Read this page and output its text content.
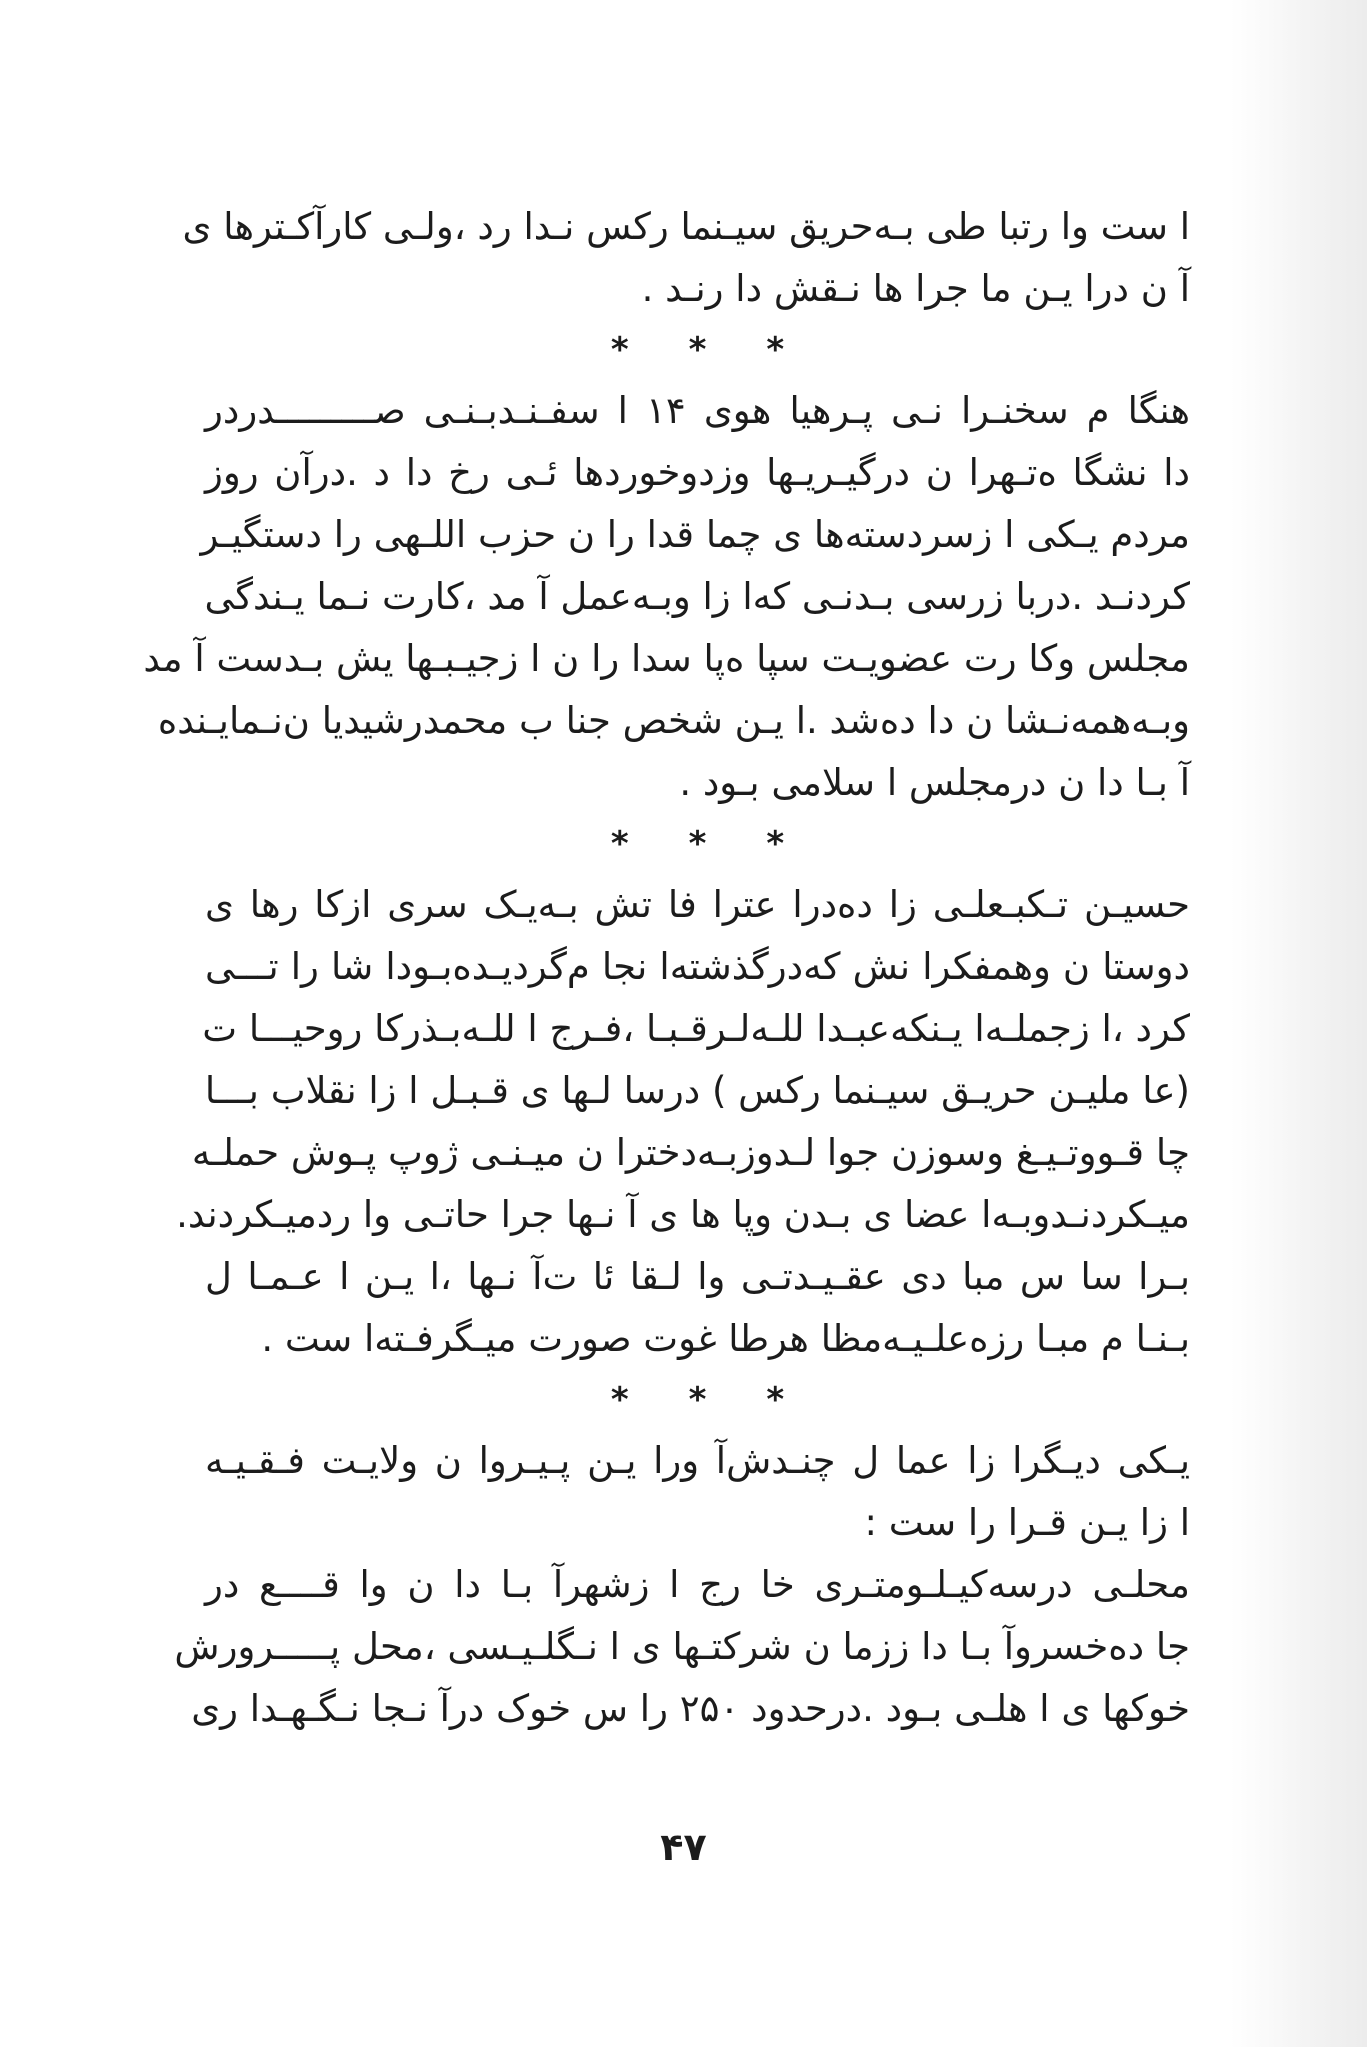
ا ست وا رتبا طی بـه‌حریق سیـنما رکس نـدا رد ،ولـی کارآکـترها ی
آ ن درا یـن ما جرا ها نـقش دا رنـد .

* * *

هنگا م سخنـرا نـی پـرهیا هوی ۱۴ ا سفـنـدبـنـی صـــــــــدردر
دا نشگا ه‌تـهرا ن درگیـریـها وزدوخوردها ئـی رخ دا د .درآن روز
مردم یـکی ا زسردسته‌ها ی چما قدا را ن حزب اللـهی را دستگیـر
کردنـد .دربا زرسی بـدنـی که‌ا زا وبـه‌عمل آ مد ،کارت نـما یـندگی
مجلس وکا رت عضویـت سپا ه‌پا سدا را ن ا زجیـبـها یش بـدست آ مد
وبـه‌همه‌نـشا ن دا ده‌شد .ا یـن شخص جنا ب محمدرشیدیا ن‌نـمایـنده
آ بـا دا ن درمجلس ا سلامی بـود .

* * *

حسیـن تـکبـعلـی زا ده‌درا عترا فا تش بـه‌یـک سری ازکا رها ی
دوستا ن وهمفکرا نش که‌درگذشته‌ا نجا م‌گردیـده‌بـودا شا را تـــی
کرد ،ا زجملـه‌ا یـنکه‌عبـدا للـه‌لـرقـبـا ،فـرج ا للـه‌بـذرکا روحیـــا ت
(عا ملیـن حریـق سیـنما رکس ) درسا لـها ی قـبـل ا زا نقلاب بـــا
چا قـووتـیـغ وسوزن جوا لـدوزبـه‌دخترا ن میـنـی ژوپ پـوش حملـه
میـکردنـدوبـه‌ا عضا ی بـدن وپا ها ی آ نـها جرا حاتـی وا ردمیـکردند.

بـرا سا س مبا دی عقـیـدتـی وا لـقا ئا ت‌آ نـها ،ا یـن ا عـمـا ل
بـنـا م مبـا رزه‌علـیـه‌مظا هرطا غوت صورت میـگرفـته‌ا ست .

* * *

یـکی دیـگرا زا عما ل چنـدش‌آ ورا یـن پـیـروا ن ولایـت فـقـیـه
ا زا یـن قـرا را ست :

محلـی درسه‌کیـلـومتـری خا رج ا زشهرآ بـا دا ن وا قــــع در
جا ده‌خسروآ بـا دا ززما ن شرکتـها ی ا نـگلـیـسی ،محل پـــــرورش
خوکها ی ا هلـی بـود .درحدود ۲۵۰ را س خوک درآ نـجا نـگـهـدا ری

۴۷
